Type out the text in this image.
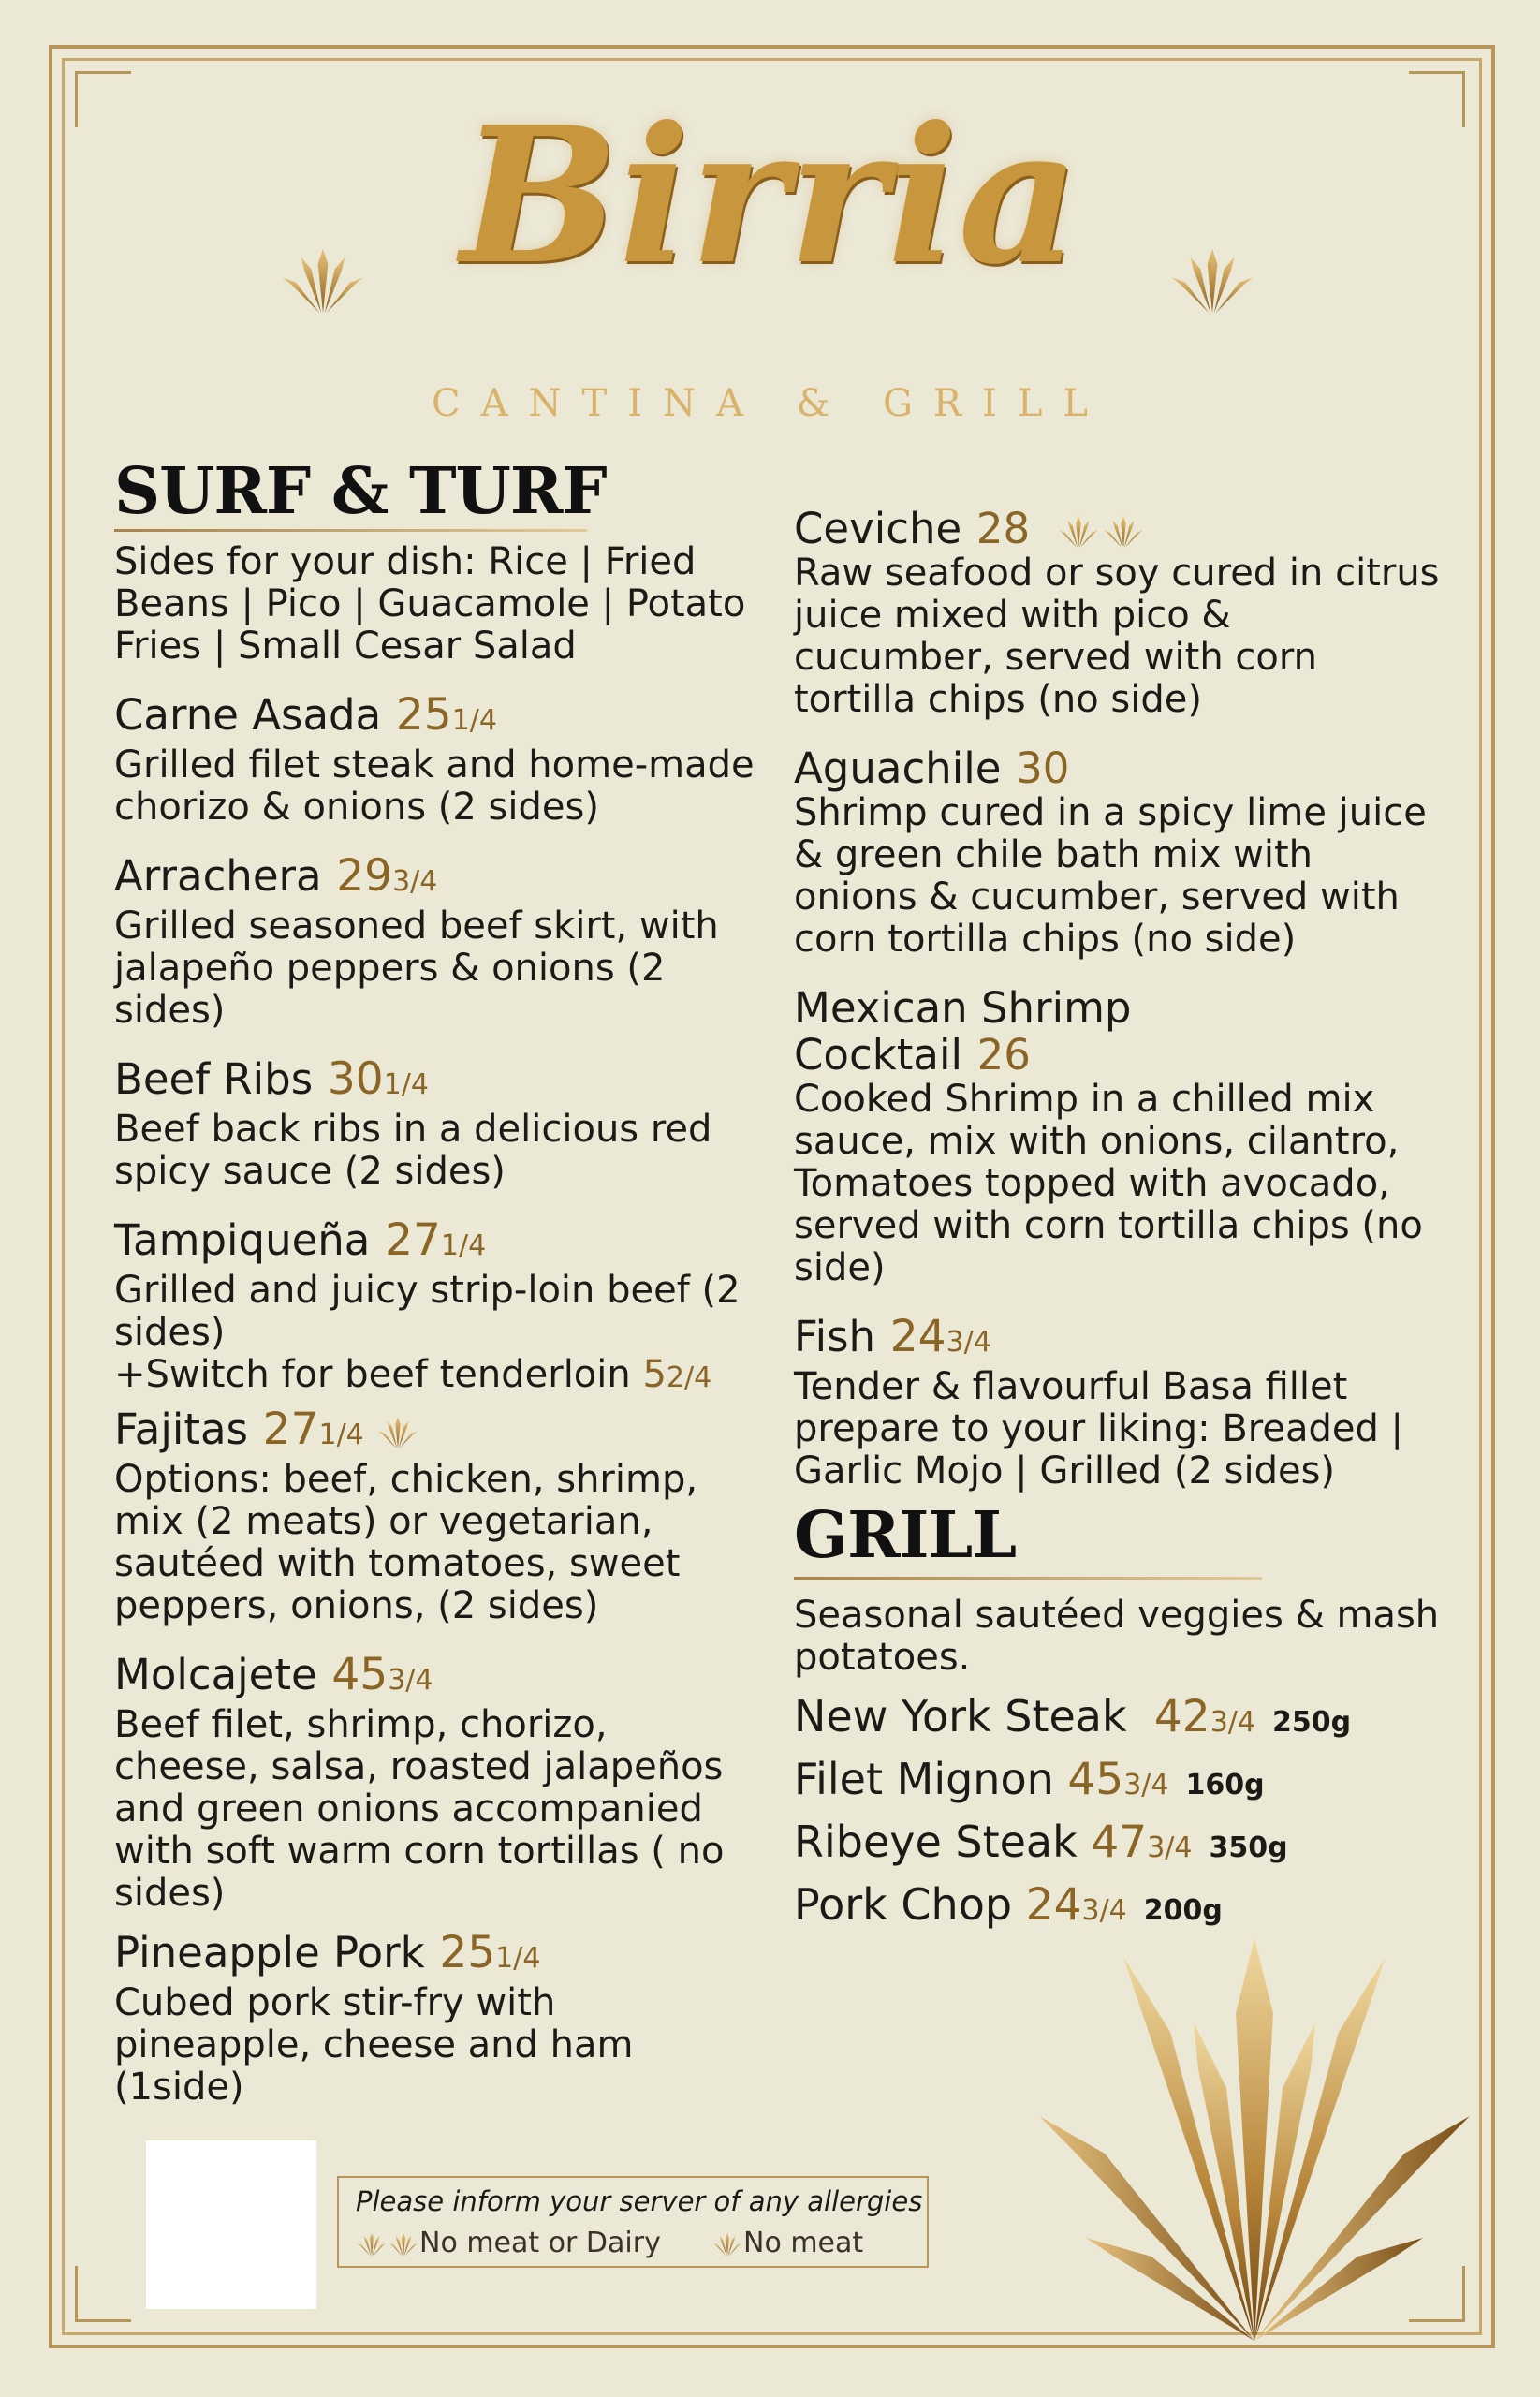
Birria
CANTINA & GRILL
SURF & TURF
Sides for your dish: Rice | Fried Beans | Pico | Guacamole | Potato Fries | Small Cesar Salad
Carne Asada 251/4
Grilled filet steak and home-made chorizo & onions (2 sides)
Arrachera 293/4
Grilled seasoned beef skirt, with jalapeño peppers & onions (2 sides)
Beef Ribs 301/4
Beef back ribs in a delicious red spicy sauce (2 sides)
Tampiqueña 271/4
Grilled and juicy strip-loin beef (2 sides)
+Switch for beef tenderloin 52/4
Fajitas 271/4
Options: beef, chicken, shrimp, mix (2 meats) or vegetarian, sautéed with tomatoes, sweet peppers, onions, (2 sides)
Molcajete 453/4
Beef filet, shrimp, chorizo, cheese, salsa, roasted jalapeños and green onions accompanied with soft warm corn tortillas ( no sides)
Pineapple Pork 251/4
Cubed pork stir-fry with pineapple, cheese and ham (1side)
Ceviche 28
Raw seafood or soy cured in citrus juice mixed with pico & cucumber, served with corn tortilla chips (no side)
Aguachile 30
Shrimp cured in a spicy lime juice & green chile bath mix with onions & cucumber, served with corn tortilla chips (no side)
Mexican Shrimp Cocktail 26
Cooked Shrimp in a chilled mix sauce, mix with onions, cilantro, Tomatoes topped with avocado, served with corn tortilla chips (no side)
Fish 243/4
Tender & flavourful Basa fillet prepare to your liking: Breaded | Garlic Mojo | Grilled (2 sides)
GRILL
Seasonal sautéed veggies & mash potatoes.
New York Steak 423/4 250g
Filet Mignon 453/4 160g
Ribeye Steak 473/4 350g
Pork Chop 243/4 200g
Please inform your server of any allergies
No meat or Dairy	No meat
